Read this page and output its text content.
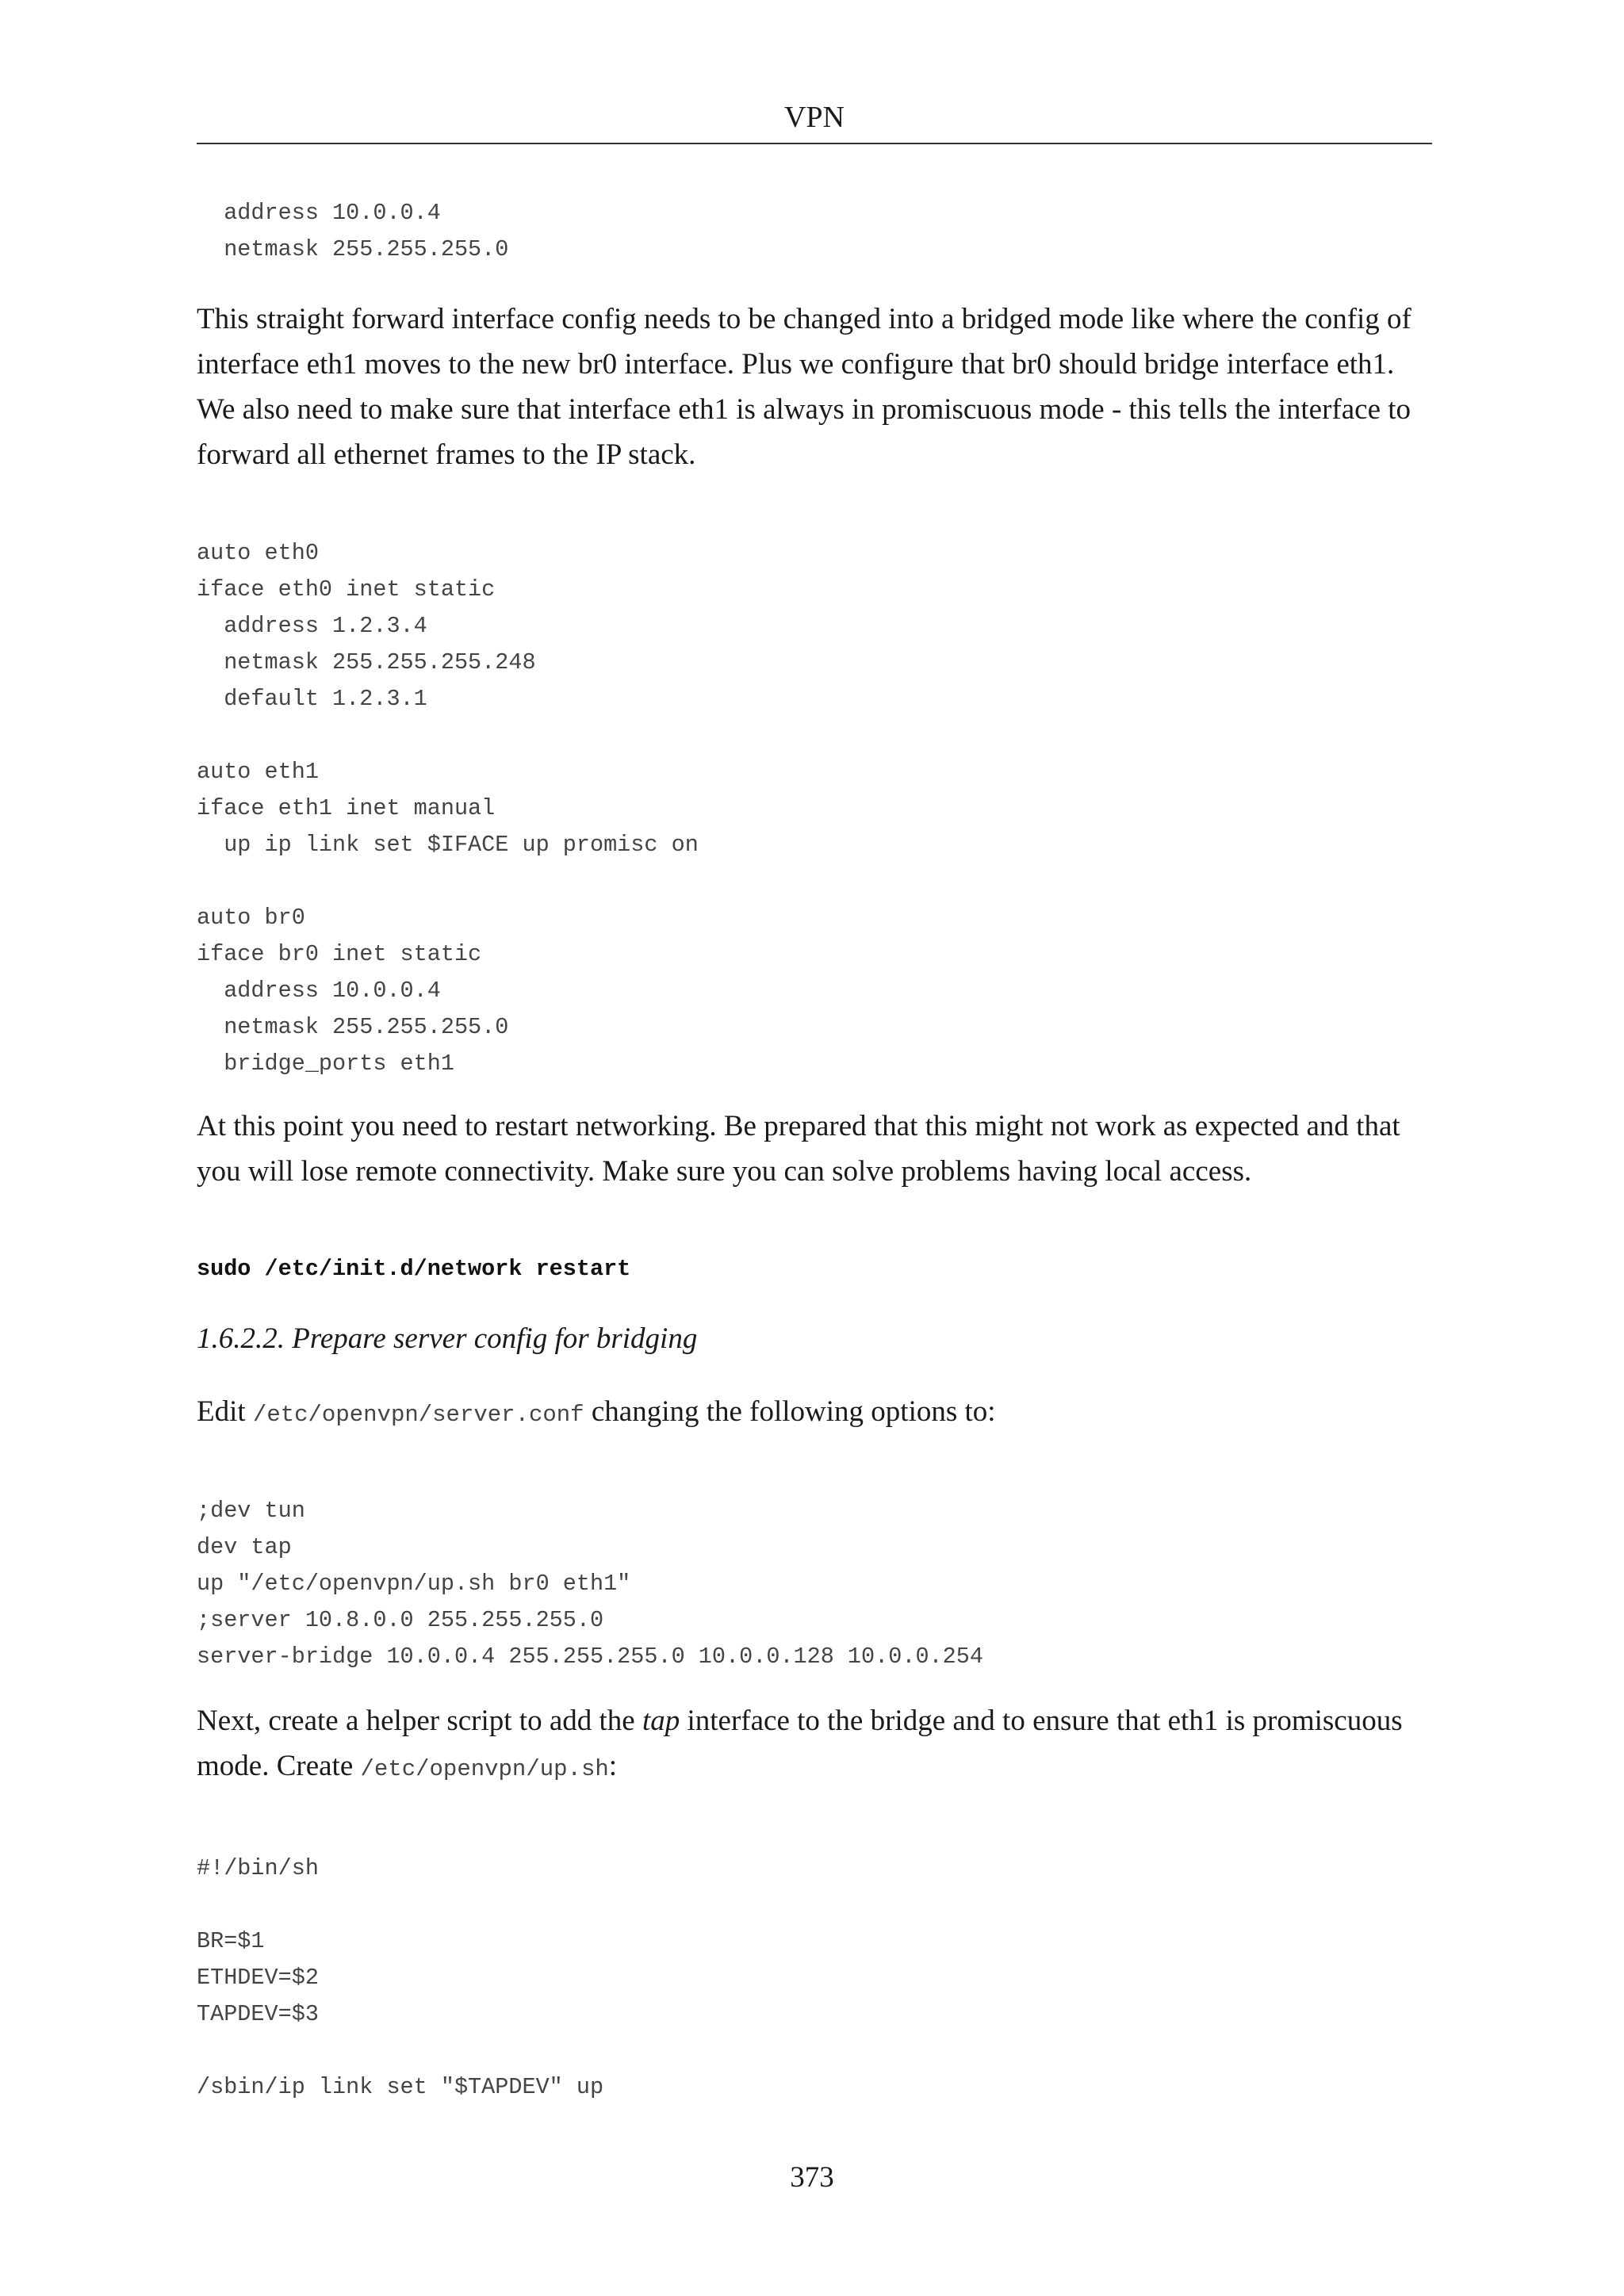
VPN
address 10.0.0.4
netmask 255.255.255.0

This straight forward interface config needs to be changed into a bridged mode like where the config of interface eth1 moves to the new br0 interface. Plus we configure that br0 should bridge interface eth1. We also need to make sure that interface eth1 is always in promiscuous mode - this tells the interface to forward all ethernet frames to the IP stack.

auto eth0
iface eth0 inet static
address 1.2.3.4
netmask 255.255.255.248
default 1.2.3.1

auto eth1
iface eth1 inet manual
up ip link set $IFACE up promisc on

auto br0
iface br0 inet static
address 10.0.0.4
netmask 255.255.255.0
bridge_ports eth1

At this point you need to restart networking. Be prepared that this might not work as expected and that you will lose remote connectivity. Make sure you can solve problems having local access.

sudo /etc/init.d/network restart

1.6.2.2. Prepare server config for bridging

Edit /etc/openvpn/server.conf changing the following options to:

;dev tun
dev tap
up "/etc/openvpn/up.sh br0 eth1"
;server 10.8.0.0 255.255.255.0
server-bridge 10.0.0.4 255.255.255.0 10.0.0.128 10.0.0.254

Next, create a helper script to add the tap interface to the bridge and to ensure that eth1 is promiscuous mode. Create /etc/openvpn/up.sh:

#!/bin/sh

BR=$1
ETHDEV=$2
TAPDEV=$3

/sbin/ip link set "$TAPDEV" up
373
